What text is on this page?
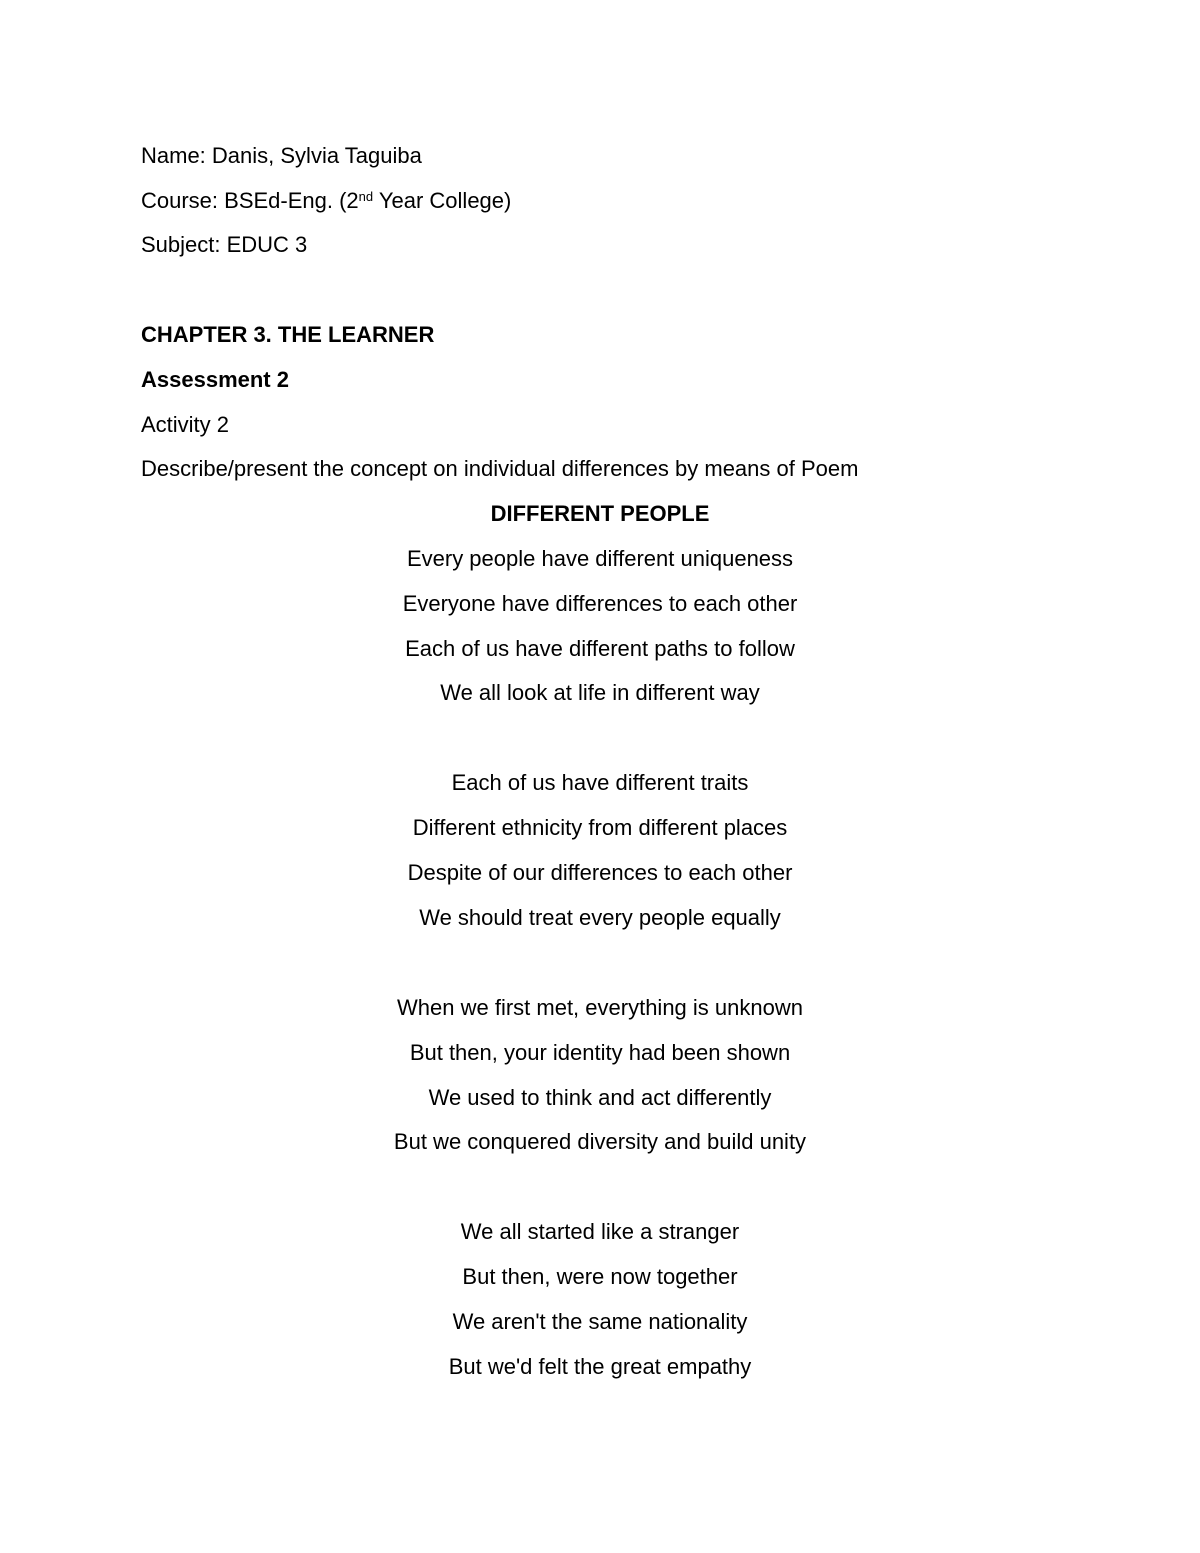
Name: Danis, Sylvia Taguiba
Course: BSEd-Eng. (2nd Year College)
Subject: EDUC 3
CHAPTER 3. THE LEARNER
Assessment 2
Activity 2
Describe/present the concept on individual differences by means of Poem
DIFFERENT PEOPLE
Every people have different uniqueness
Everyone have differences to each other
Each of us have different paths to follow
We all look at life in different way
Each of us have different traits
Different ethnicity from different places
Despite of our differences to each other
We should treat every people equally
When we first met, everything is unknown
But then, your identity had been shown
We used to think and act differently
But we conquered diversity and build unity
We all started like a stranger
But then, were now together
We aren't the same nationality
But we'd felt the great empathy
